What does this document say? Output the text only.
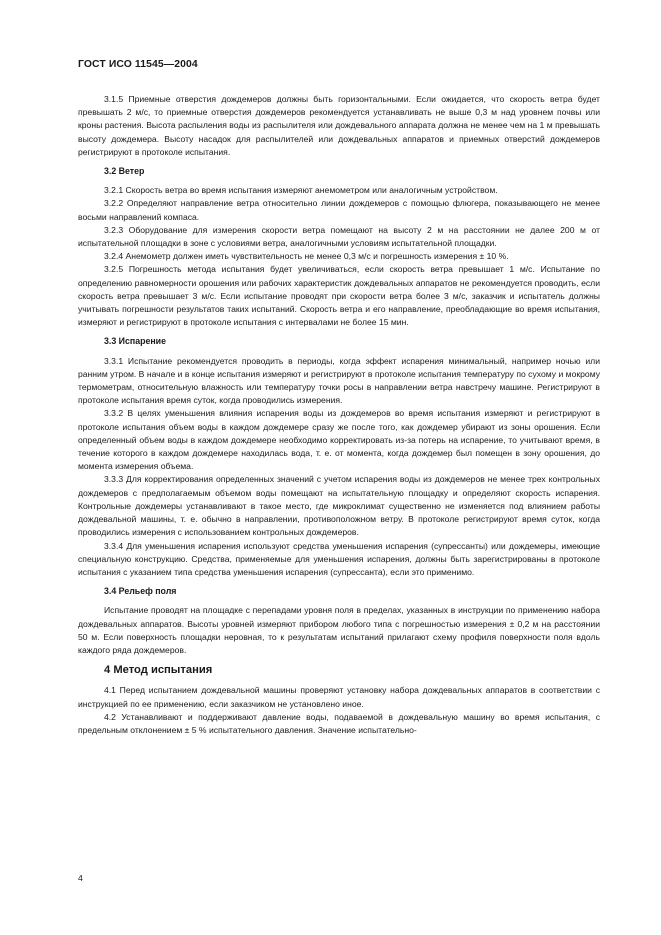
ГОСТ ИСО 11545—2004

3.1.5 Приемные отверстия дождемеров должны быть горизонтальными. Если ожидается, что скорость ветра будет превышать 2 м/с, то приемные отверстия дождемеров рекомендуется устанавливать не выше 0,3 м над уровнем почвы или кроны растения. Высота распыления воды из распылителя или дождевального аппарата должна не менее чем на 1 м превышать высоту дождемера. Высоту насадок для распылителей или дождевальных аппаратов и приемных отверстий дождемеров регистрируют в протоколе испытания.

3.2 Ветер

3.2.1 Скорость ветра во время испытания измеряют анемометром или аналогичным устройством.

3.2.2 Определяют направление ветра относительно линии дождемеров с помощью флюгера, показывающего не менее восьми направлений компаса.

3.2.3 Оборудование для измерения скорости ветра помещают на высоту 2 м на расстоянии не далее 200 м от испытательной площадки в зоне с условиями ветра, аналогичными условиям испытательной площадки.

3.2.4 Анемометр должен иметь чувствительность не менее 0,3 м/с и погрешность измерения ± 10 %.

3.2.5 Погрешность метода испытания будет увеличиваться, если скорость ветра превышает 1 м/с. Испытание по определению равномерности орошения или рабочих характеристик дождевальных аппаратов не рекомендуется проводить, если скорость ветра превышает 3 м/с. Если испытание проводят при скорости ветра более 3 м/с, заказчик и испытатель должны учитывать погрешности результатов таких испытаний. Скорость ветра и его направление, преобладающие во время испытания, измеряют и регистрируют в протоколе испытания с интервалами не более 15 мин.

3.3 Испарение

3.3.1 Испытание рекомендуется проводить в периоды, когда эффект испарения минимальный, например ночью или ранним утром. В начале и в конце испытания измеряют и регистрируют в протоколе испытания температуру по сухому и мокрому термометрам, относительную влажность или температуру точки росы в направлении ветра навстречу машине. Регистрируют в протоколе испытания время суток, когда проводились измерения.

3.3.2 В целях уменьшения влияния испарения воды из дождемеров во время испытания измеряют и регистрируют в протоколе испытания объем воды в каждом дождемере сразу же после того, как дождемер убирают из зоны орошения. Если определенный объем воды в каждом дождемере необходимо корректировать из-за потерь на испарение, то учитывают время, в течение которого в каждом дождемере находилась вода, т. е. от момента, когда дождемер был помещен в зону орошения, до момента измерения объема.

3.3.3 Для корректирования определенных значений с учетом испарения воды из дождемеров не менее трех контрольных дождемеров с предполагаемым объемом воды помещают на испытательную площадку и определяют скорость испарения. Контрольные дождемеры устанавливают в такое место, где микроклимат существенно не изменяется под влиянием работы дождевальной машины, т. е. обычно в направлении, противоположном ветру. В протоколе регистрируют время суток, когда проводились измерения с использованием контрольных дождемеров.

3.3.4 Для уменьшения испарения используют средства уменьшения испарения (супрессанты) или дождемеры, имеющие специальную конструкцию. Средства, применяемые для уменьшения испарения, должны быть зарегистрированы в протоколе испытания с указанием типа средства уменьшения испарения (супрессанта), если это применимо.

3.4 Рельеф поля

Испытание проводят на площадке с перепадами уровня поля в пределах, указанных в инструкции по применению набора дождевальных аппаратов. Высоты уровней измеряют прибором любого типа с погрешностью измерения ± 0,2 м на расстоянии 50 м. Если поверхность площадки неровная, то к результатам испытаний прилагают схему профиля поверхности поля вдоль каждого ряда дождемеров.

4 Метод испытания

4.1 Перед испытанием дождевальной машины проверяют установку набора дождевальных аппаратов в соответствии с инструкцией по ее применению, если заказчиком не установлено иное.

4.2 Устанавливают и поддерживают давление воды, подаваемой в дождевальную машину во время испытания, с предельным отклонением ± 5 % испытательного давления. Значение испытательно-

4
